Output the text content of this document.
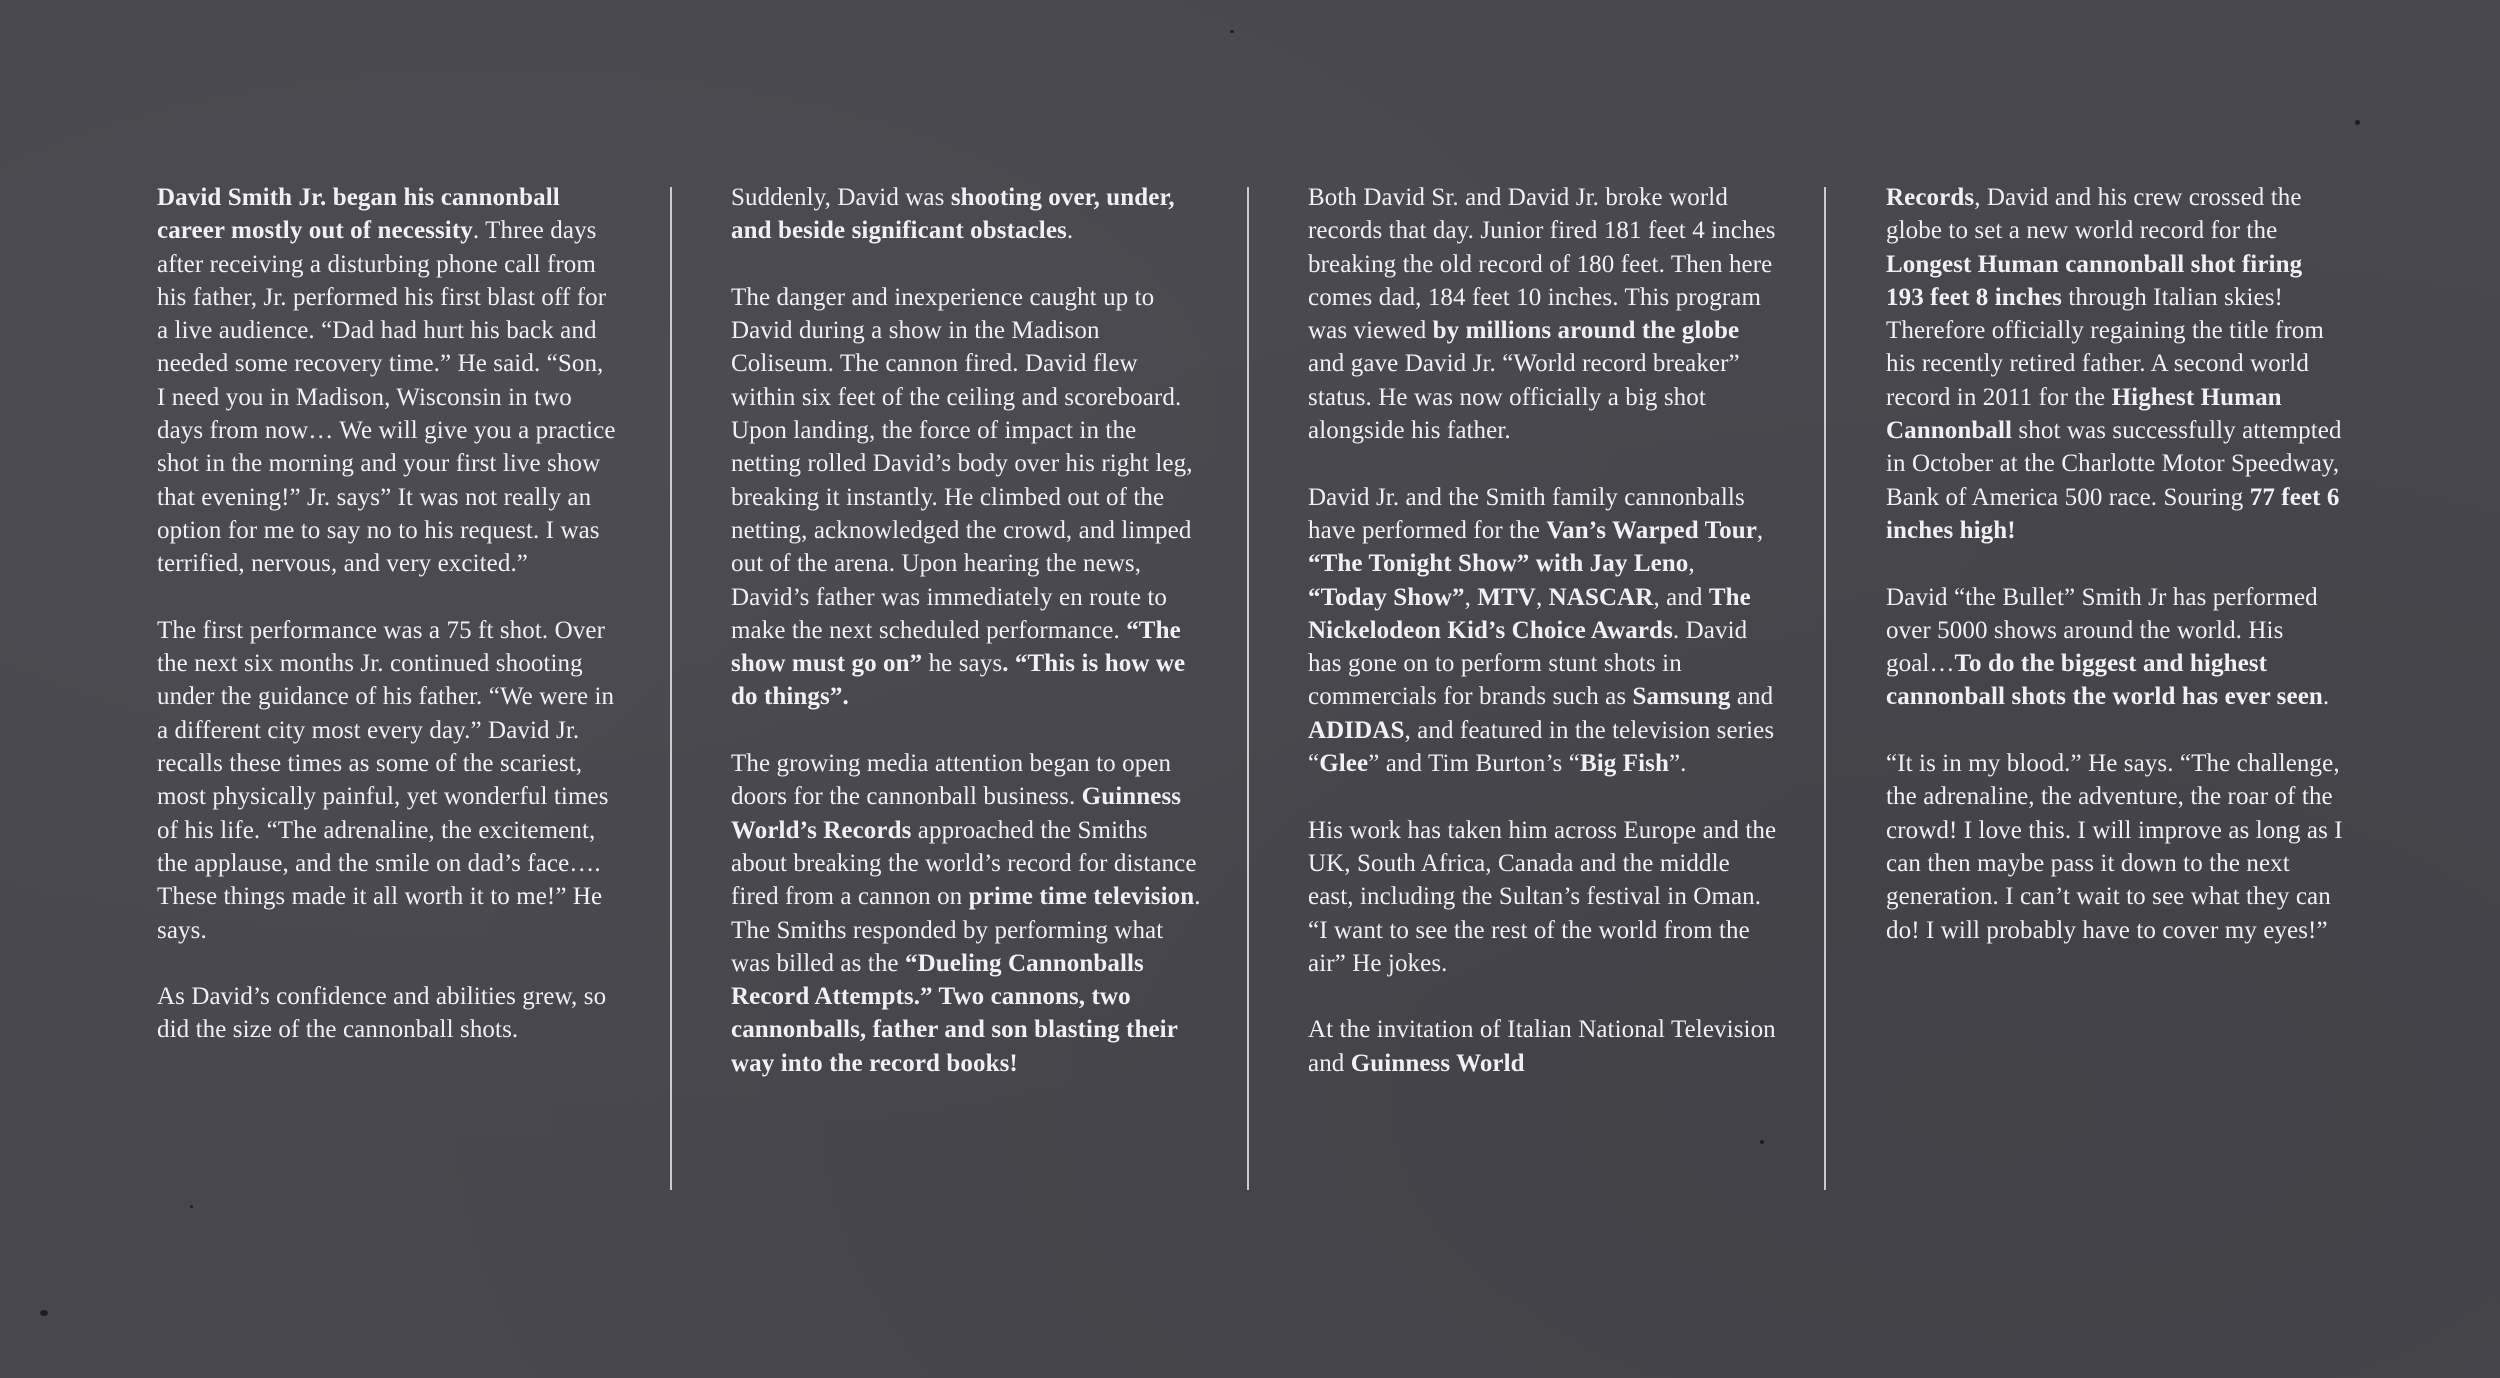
David Smith Jr. began his cannonball career mostly out of necessity. Three days after receiving a disturbing phone call from his father, Jr. performed his first blast off for a live audience. “Dad had hurt his back and needed some recovery time.” He said. “Son, I need you in Madison, Wisconsin in two days from now… We will give you a practice shot in the morning and your first live show that evening!” Jr. says” It was not really an option for me to say no to his request. I was terrified, nervous, and very excited.”

The first performance was a 75 ft shot. Over the next six months Jr. continued shooting under the guidance of his father. “We were in a different city most every day.” David Jr. recalls these times as some of the scariest, most physically painful, yet wonderful times of his life. “The adrenaline, the excitement, the applause, and the smile on dad’s face…. These things made it all worth it to me!” He says.

As David’s confidence and abilities grew, so did the size of the cannonball shots.

Suddenly, David was shooting over, under, and beside significant obstacles.

The danger and inexperience caught up to David during a show in the Madison Coliseum. The cannon fired. David flew within six feet of the ceiling and scoreboard. Upon landing, the force of impact in the netting rolled David’s body over his right leg, breaking it instantly. He climbed out of the netting, acknowledged the crowd, and limped out of the arena. Upon hearing the news, David’s father was immediately en route to make the next scheduled performance. “The show must go on” he says. “This is how we do things”.

The growing media attention began to open doors for the cannonball business. Guinness World’s Records approached the Smiths about breaking the world’s record for distance fired from a cannon on prime time television. The Smiths responded by performing what was billed as the “Dueling Cannonballs Record Attempts.” Two cannons, two cannonballs, father and son blasting their way into the record books!

Both David Sr. and David Jr. broke world records that day. Junior fired 181 feet 4 inches breaking the old record of 180 feet. Then here comes dad, 184 feet 10 inches. This program was viewed by millions around the globe and gave David Jr. “World record breaker” status. He was now officially a big shot alongside his father.

David Jr. and the Smith family cannonballs have performed for the Van’s Warped Tour, “The Tonight Show” with Jay Leno, “Today Show”, MTV, NASCAR, and The Nickelodeon Kid’s Choice Awards. David has gone on to perform stunt shots in commercials for brands such as Samsung and ADIDAS, and featured in the television series “Glee” and Tim Burton’s “Big Fish”.

His work has taken him across Europe and the UK, South Africa, Canada and the middle east, including the Sultan’s festival in Oman. “I want to see the rest of the world from the air” He jokes.

At the invitation of Italian National Television and Guinness World

Records, David and his crew crossed the globe to set a new world record for the Longest Human cannonball shot firing 193 feet 8 inches through Italian skies! Therefore officially regaining the title from his recently retired father. A second world record in 2011 for the Highest Human Cannonball shot was successfully attempted in October at the Charlotte Motor Speedway, Bank of America 500 race. Souring 77 feet 6 inches high!

David “the Bullet” Smith Jr has performed over 5000 shows around the world. His goal…To do the biggest and highest cannonball shots the world has ever seen.

“It is in my blood.” He says. “The challenge, the adrenaline, the adventure, the roar of the crowd! I love this. I will improve as long as I can then maybe pass it down to the next generation. I can’t wait to see what they can do! I will probably have to cover my eyes!”
